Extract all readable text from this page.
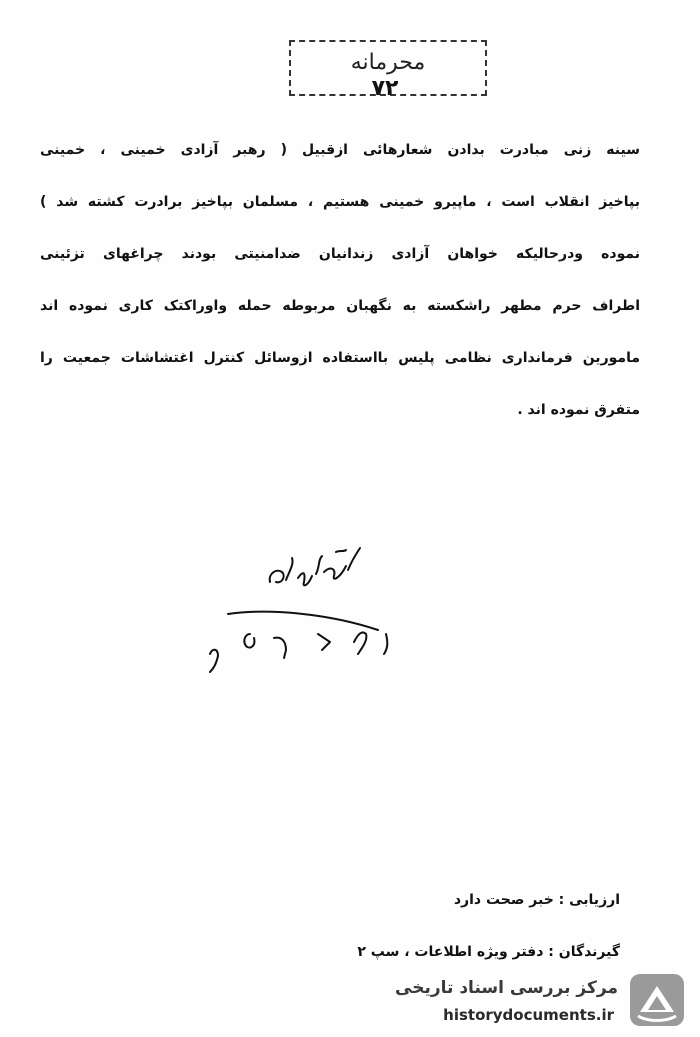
محرمانه
۷۲
سینه زنی مبادرت بدادن شعارهائی ازقبیل ( رهبر آزادی خمینی ، خمینی
بپاخیز انقلاب است ، ماپیرو خمینی هستیم ، مسلمان بپاخیز برادرت کشته شد )
نموده ودرحالیکه خواهان آزادی زندانیان ضدامنیتی بودند چراغهای تزئینی
اطراف حرم مطهر راشکسته به نگهبان مربوطه حمله واوراکتک کاری نموده اند
مامورین فرمانداری نظامی پلیس بااستفاده ازوسائل کنترل اغتشاشات جمعیت را
متفرق نموده اند .
ارزیابی : خبر صحت دارد
گیرندگان : دفتر ویژه اطلاعات ، سپ ۲
مرکز بررسی اسناد تاریخی
historydocuments.ir
